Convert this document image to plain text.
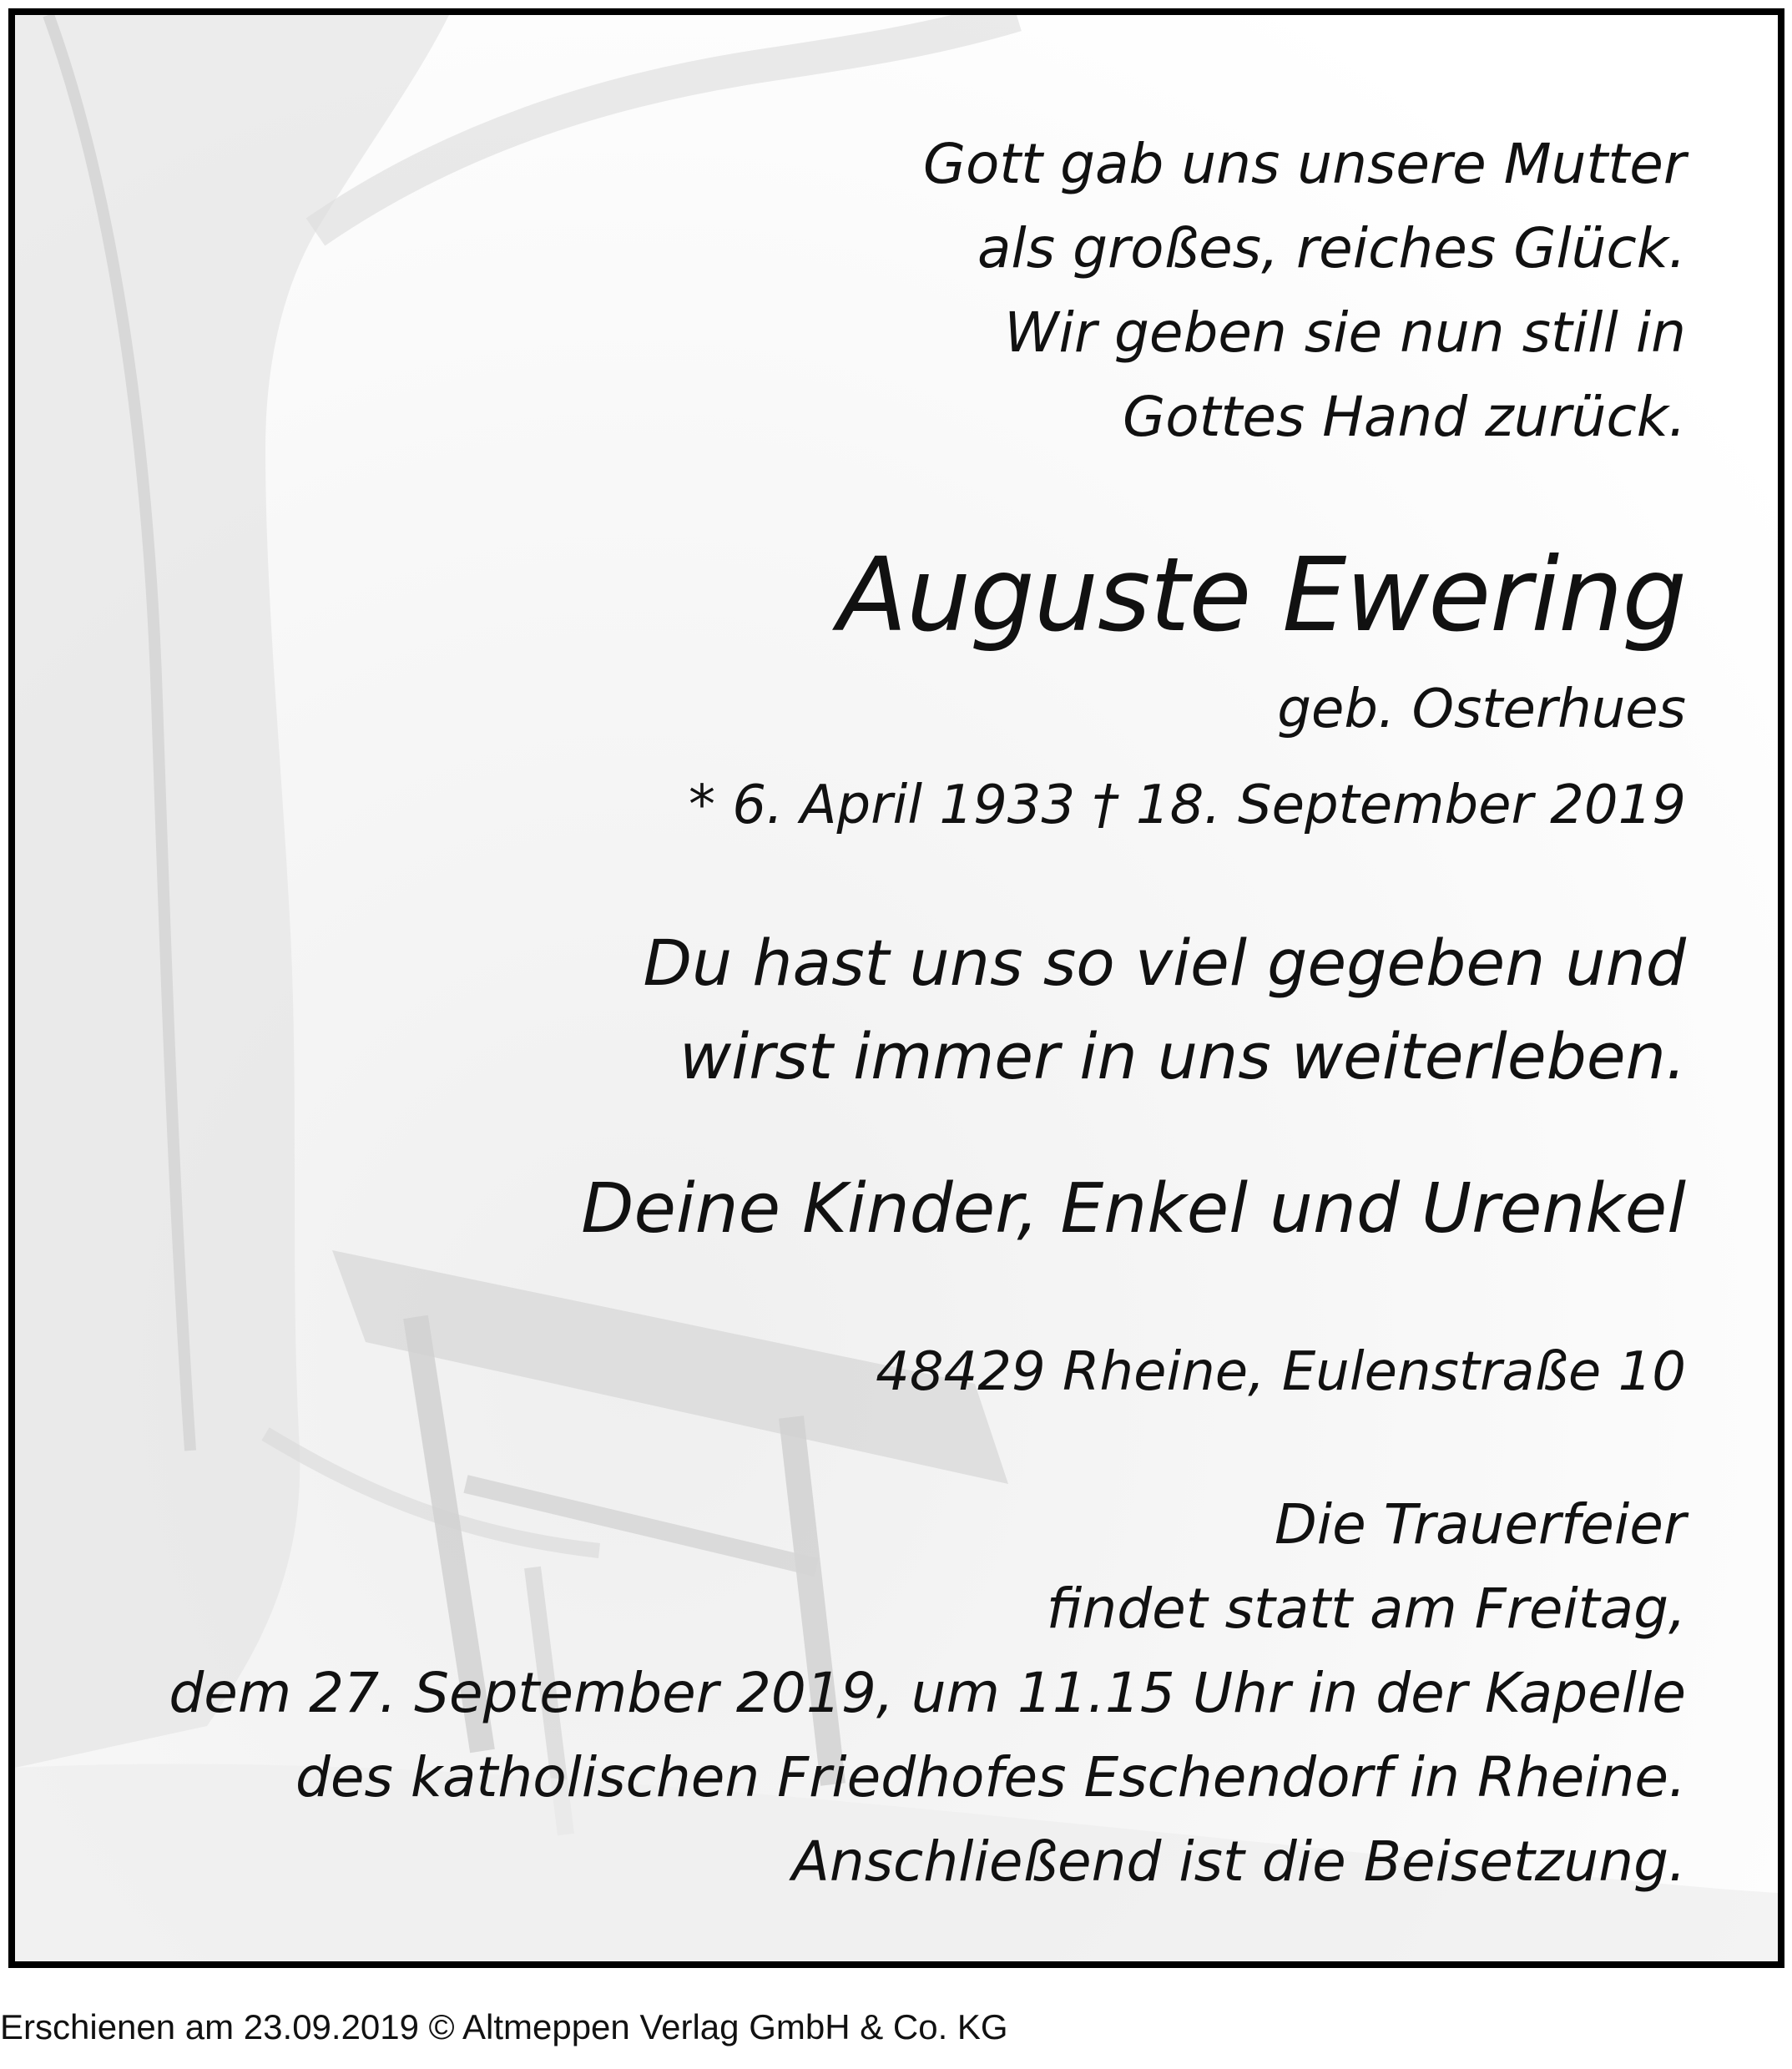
Gott gab uns unsere Mutter
als großes, reiches Glück.
Wir geben sie nun still in
Gottes Hand zurück.
Auguste Ewering
geb. Osterhues
* 6. April 1933 † 18. September 2019
Du hast uns so viel gegeben und
wirst immer in uns weiterleben.
Deine Kinder, Enkel und Urenkel
48429 Rheine, Eulenstraße 10
Die Trauerfeier
findet statt am Freitag,
dem 27. September 2019, um 11.15 Uhr in der Kapelle
des katholischen Friedhofes Eschendorf in Rheine.
Anschließend ist die Beisetzung.
Erschienen am 23.09.2019 © Altmeppen Verlag GmbH & Co. KG
